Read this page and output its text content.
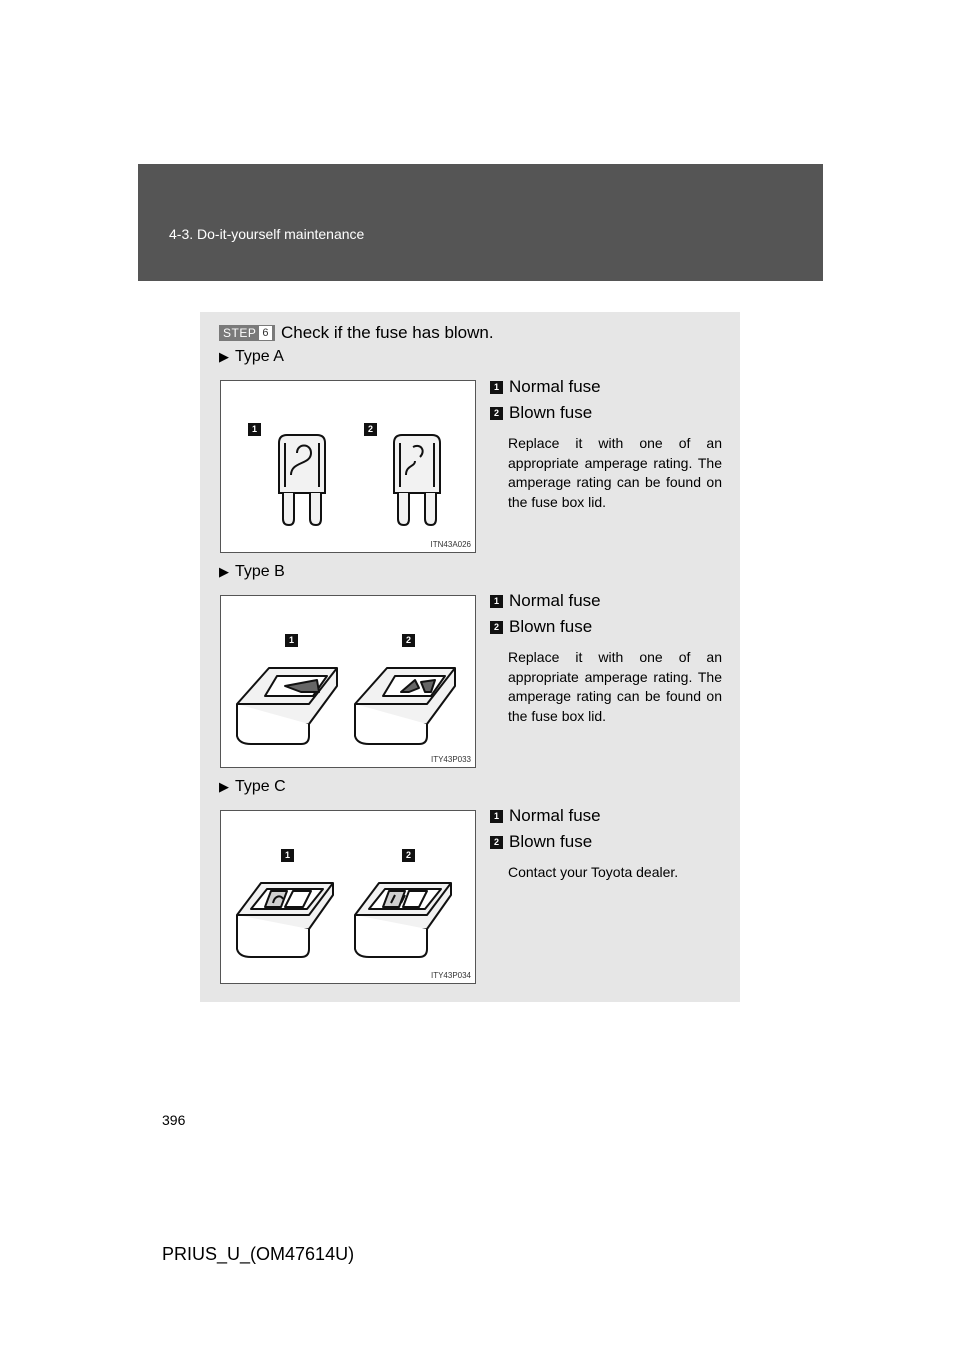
4-3. Do-it-yourself maintenance
STEP 6 Check if the fuse has blown.
▶ Type A
1	2
ITN43A026
1 Normal fuse
2 Blown fuse
Replace it with one of an appropriate amperage rating. The amperage rating can be found on the fuse box lid.
▶ Type B
1	2
ITY43P033
1 Normal fuse
2 Blown fuse
Replace it with one of an appropriate amperage rating. The amperage rating can be found on the fuse box lid.
▶ Type C
1	2
ITY43P034
1 Normal fuse
2 Blown fuse
Contact your Toyota dealer.
396
PRIUS_U_(OM47614U)
